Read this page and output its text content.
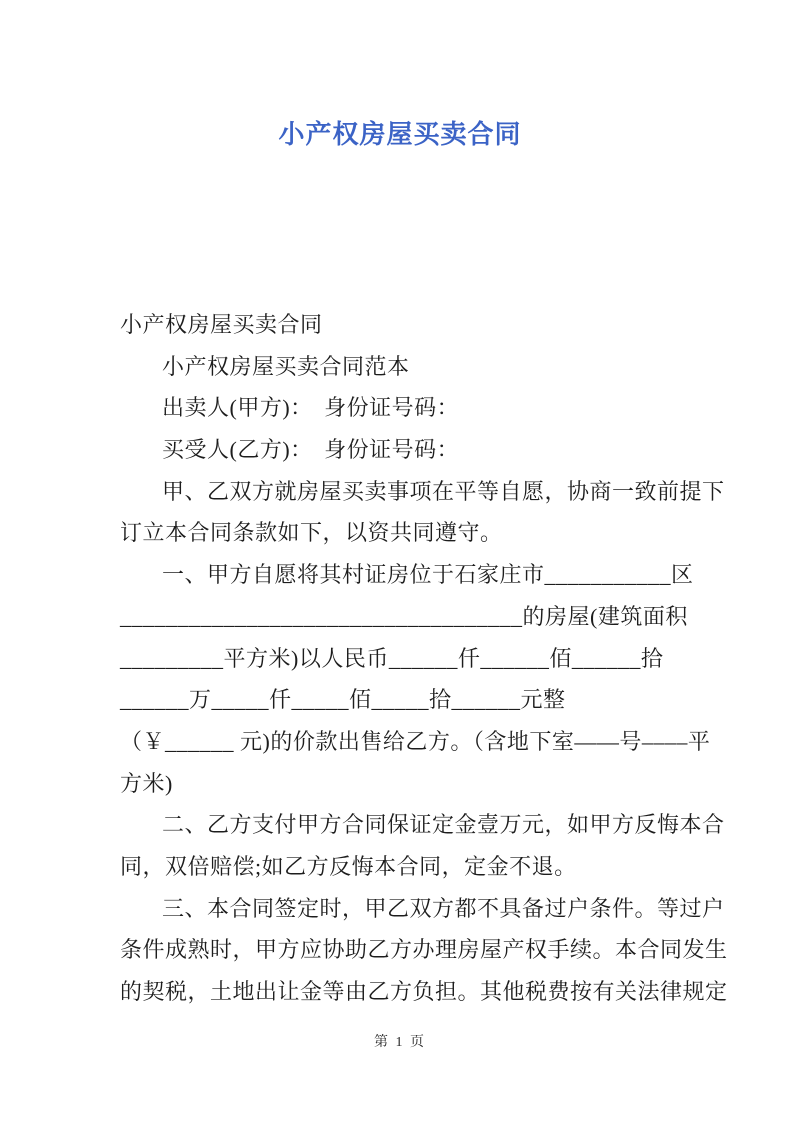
小产权房屋买卖合同
小产权房屋买卖合同
小产权房屋买卖合同范本
出卖人(甲方)：　身份证号码：
买受人(乙方)：　身份证号码：
甲、乙双方就房屋买卖事项在平等自愿，协商一致前提下
订立本合同条款如下，以资共同遵守。
一、甲方自愿将其村证房位于石家庄市___________区
___________________________________的房屋(建筑面积
_________平方米)以人民币______仟______佰______拾
______万_____仟_____佰_____拾______元整
（￥______ 元)的价款出售给乙方。（含地下室——号––––平
方米)
二、乙方支付甲方合同保证定金壹万元，如甲方反悔本合
同，双倍赔偿;如乙方反悔本合同，定金不退。
三、本合同签定时，甲乙双方都不具备过户条件。等过户
条件成熟时，甲方应协助乙方办理房屋产权手续。本合同发生
的契税，土地出让金等由乙方负担。其他税费按有关法律规定
第 1 页
